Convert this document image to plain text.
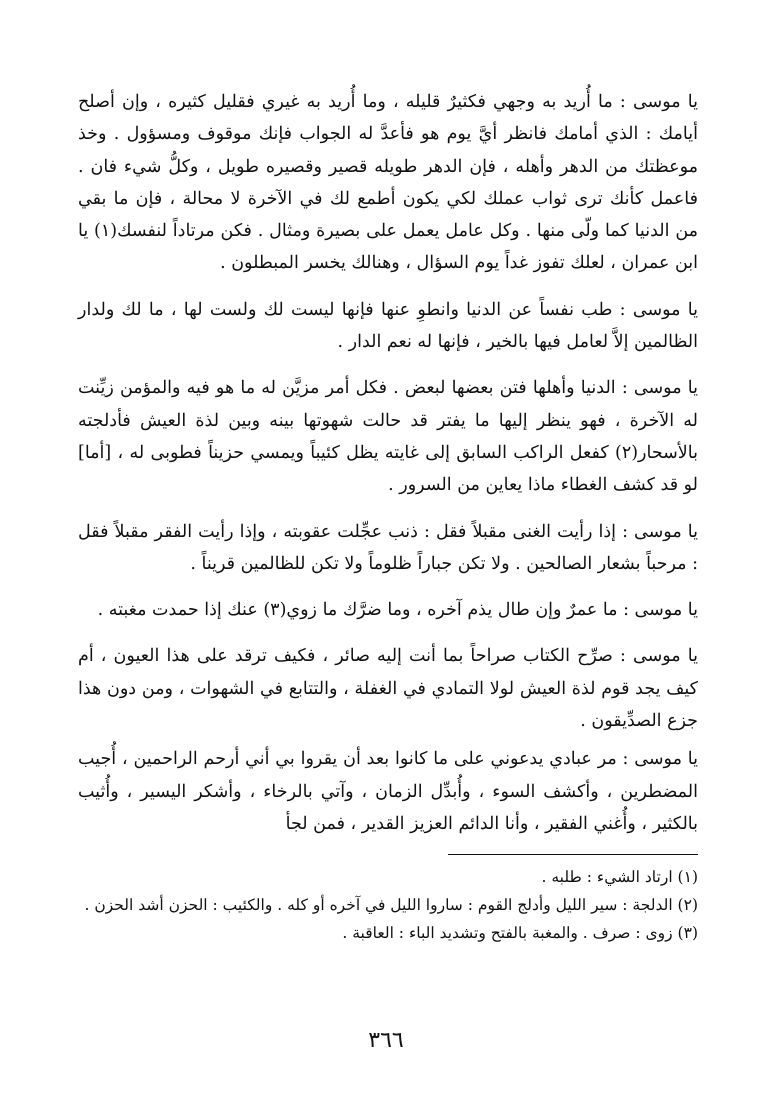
يا موسى : ما أُريد به وجهي فكثيرٌ قليله ، وما أُريد به غيري فقليل كثيره ، وإن أصلح أيامك : الذي أمامك فانظر أيَّ يوم هو فأعدَّ له الجواب فإنك موقوف ومسؤول . وخذ موعظتك من الدهر وأهله ، فإن الدهر طويله قصير وقصيره طويل ، وكلُّ شيء فان . فاعمل كأنك ترى ثواب عملك لكي يكون أطمع لك في الآخرة لا محالة ، فإن ما بقي من الدنيا كما ولّى منها . وكل عامل يعمل على بصيرة ومثال . فكن مرتاداً لنفسك(١) يا ابن عمران ، لعلك تفوز غداً يوم السؤال ، وهنالك يخسر المبطلون .

يا موسى : طب نفساً عن الدنيا وانطوِ عنها فإنها ليست لك ولست لها ، ما لك ولدار الظالمين إلاَّ لعامل فيها بالخير ، فإنها له نعم الدار .

يا موسى : الدنيا وأهلها فتن بعضها لبعض . فكل أمر مزيَّن له ما هو فيه والمؤمن زيِّنت له الآخرة ، فهو ينظر إليها ما يفتر قد حالت شهوتها بينه وبين لذة العيش فأدلجته بالأسحار(٢) كفعل الراكب السابق إلى غايته يظل كئيباً ويمسي حزيناً فطوبى له ، [أما] لو قد كشف الغطاء ماذا يعاين من السرور .

يا موسى : إذا رأيت الغنى مقبلاً فقل : ذنب عجِّلت عقوبته ، وإذا رأيت الفقر مقبلاً فقل : مرحباً بشعار الصالحين . ولا تكن جباراً ظلوماً ولا تكن للظالمين قريناً .

يا موسى : ما عمرٌ وإن طال يذم آخره ، وما ضرَّك ما زوي(٣) عنك إذا حمدت مغبته .

يا موسى : صرِّح الكتاب صراحاً بما أنت إليه صائر ، فكيف ترقد على هذا العيون ، أم كيف يجد قوم لذة العيش لولا التمادي في الغفلة ، والتتابع في الشهوات ، ومن دون هذا جزع الصدِّيقون .

يا موسى : مر عبادي يدعوني على ما كانوا بعد أن يقروا بي أني أرحم الراحمين ، أُجيب المضطرين ، وأكشف السوء ، وأُبدِّل الزمان ، وآتي بالرخاء ، وأشكر اليسير ، وأُثيب بالكثير ، وأُغني الفقير ، وأنا الدائم العزيز القدير ، فمن لجأ

(١) ارتاد الشيء : طلبه .

(٢) الدلجة : سير الليل وأدلج القوم : ساروا الليل في آخره أو كله . والكئيب : الحزن أشد الحزن .

(٣) زوى : صرف . والمغبة بالفتح وتشديد الباء : العاقبة .

٣٦٦
